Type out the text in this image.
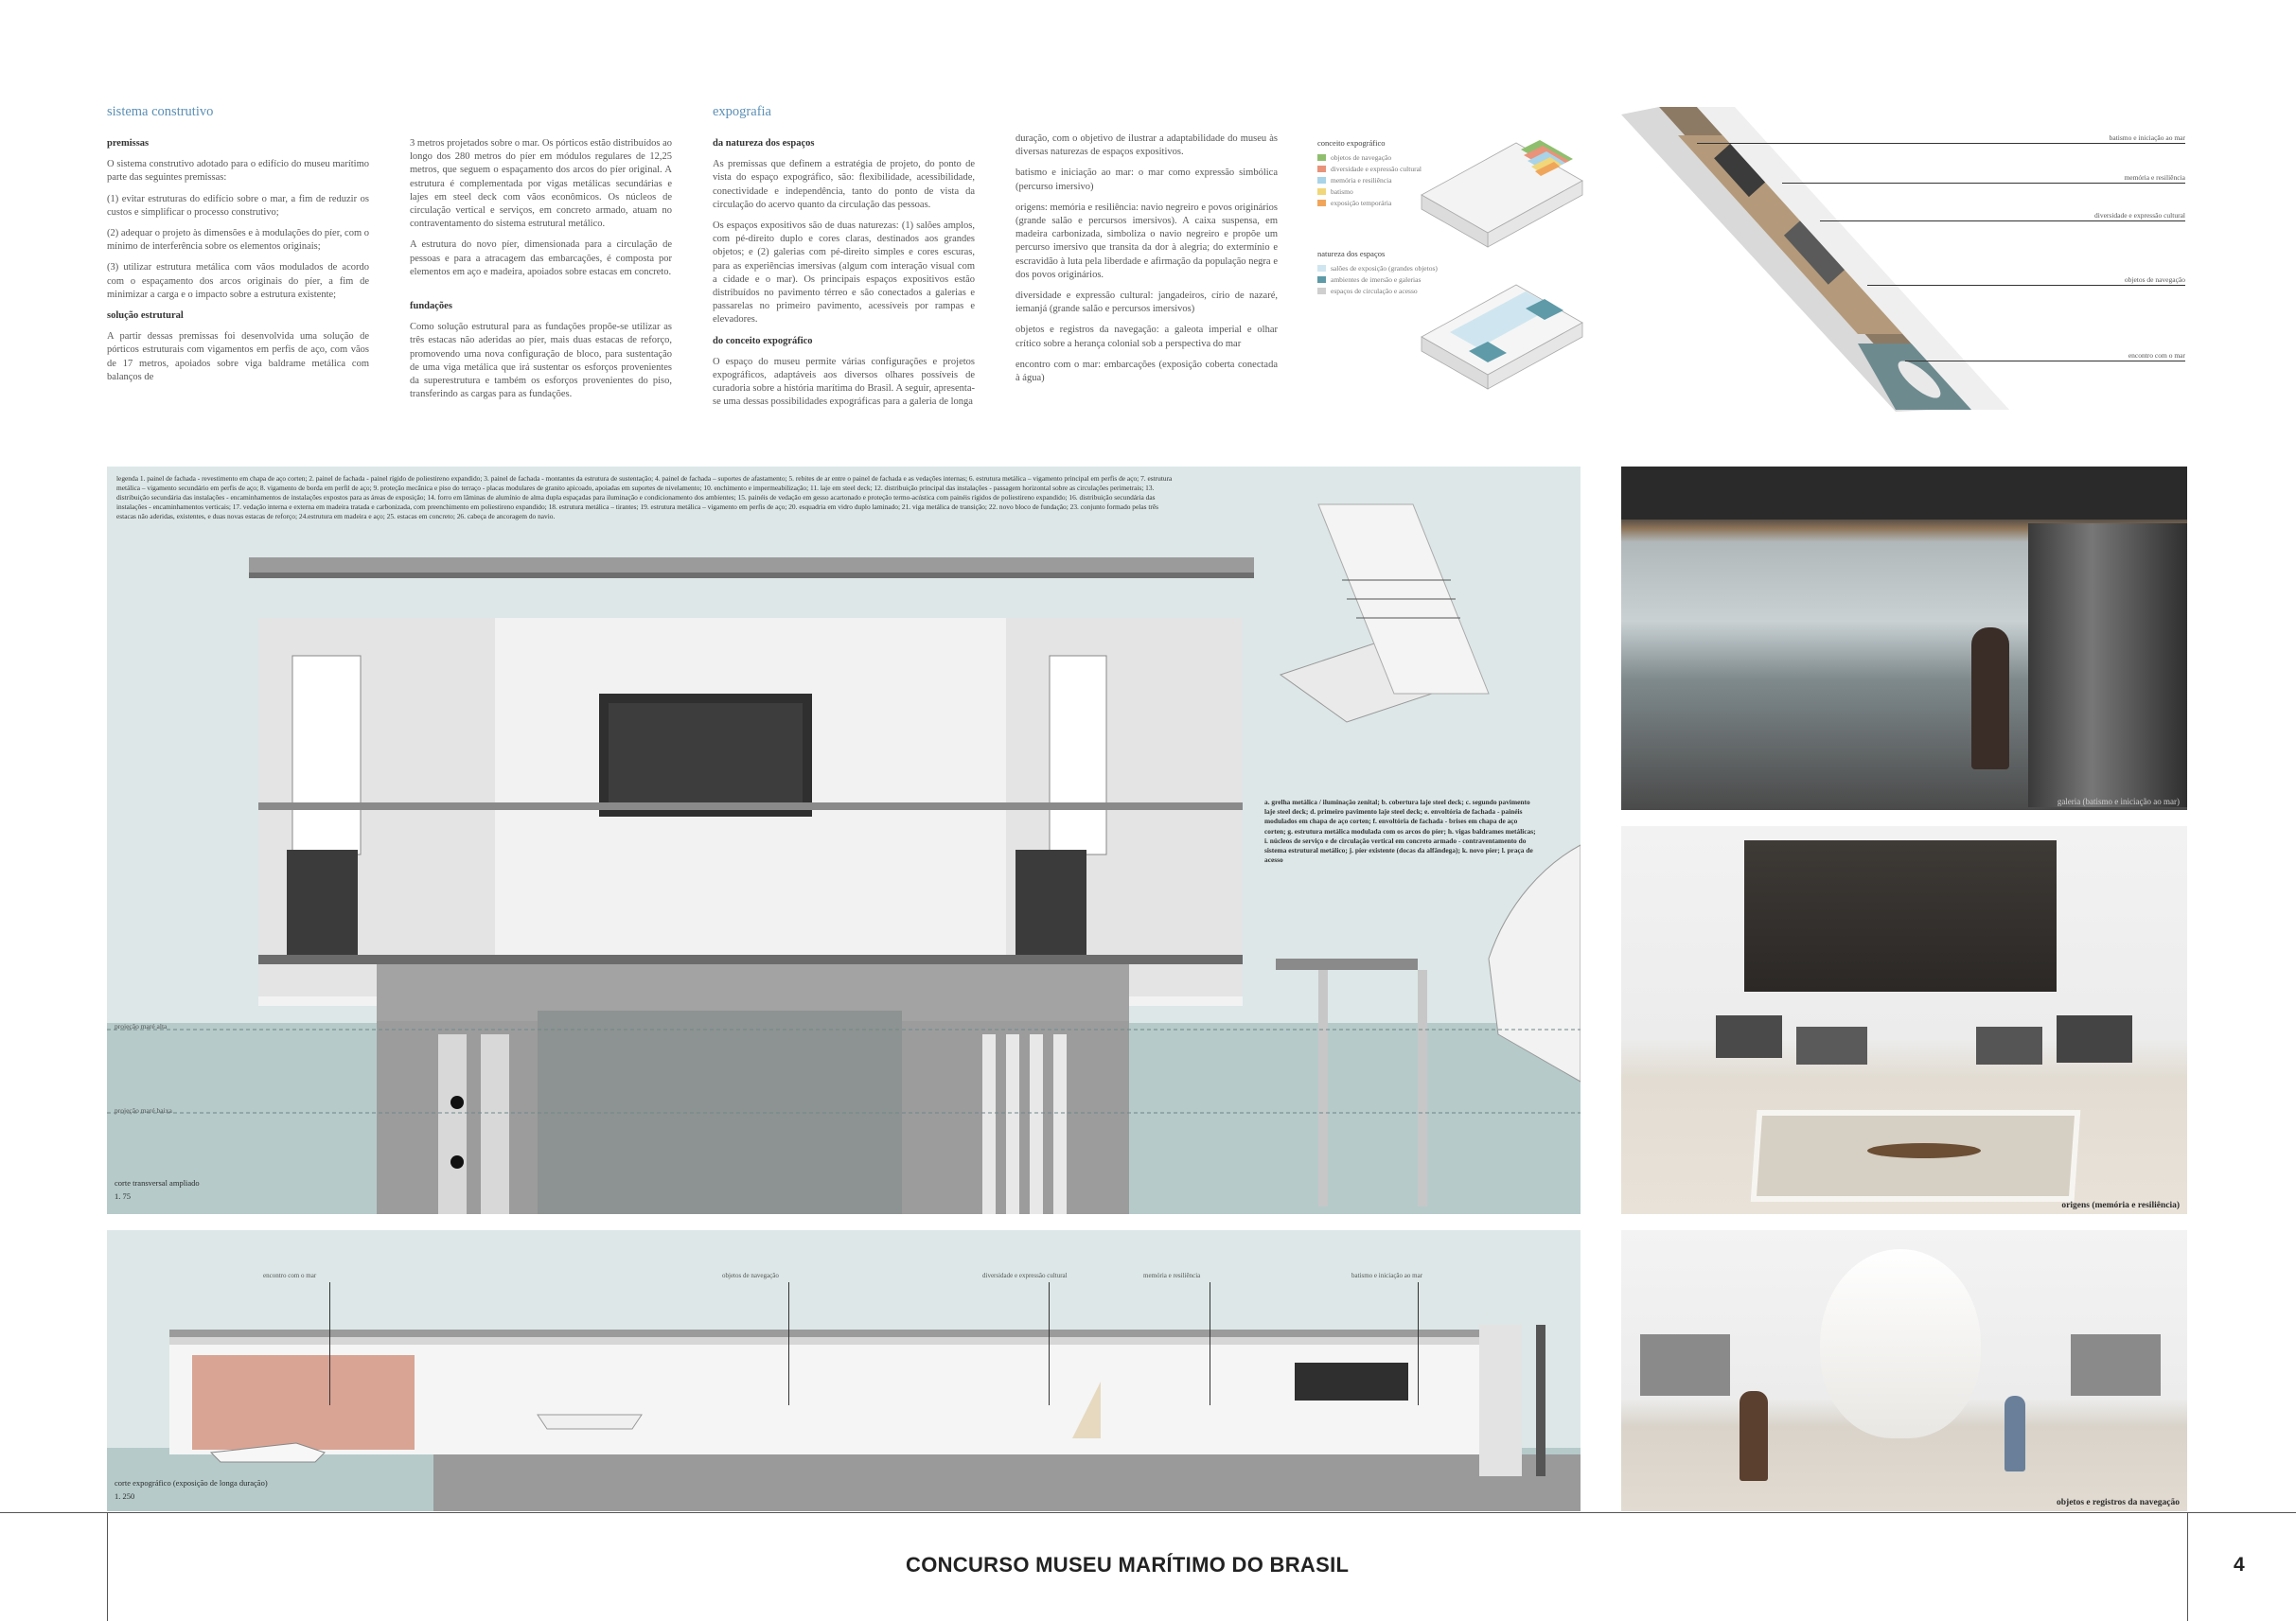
sistema construtivo

premissas

O sistema construtivo adotado para o edifício do museu marítimo parte das seguintes premissas:

(1) evitar estruturas do edifício sobre o mar, a fim de reduzir os custos e simplificar o processo construtivo;

(2) adequar o projeto às dimensões e à modulações do píer, com o mínimo de interferência sobre os elementos originais;

(3) utilizar estrutura metálica com vãos modulados de acordo com o espaçamento dos arcos originais do píer, a fim de minimizar a carga e o impacto sobre a estrutura existente;

solução estrutural

A partir dessas premissas foi desenvolvida uma solução de pórticos estruturais com vigamentos em perfis de aço, com vãos de 17 metros, apoiados sobre viga baldrame metálica com balanços de

3 metros projetados sobre o mar. Os pórticos estão distribuídos ao longo dos 280 metros do píer em módulos regulares de 12,25 metros, que seguem o espaçamento dos arcos do píer original. A estrutura é complementada por vigas metálicas secundárias e lajes em steel deck com vãos econômicos. Os núcleos de circulação vertical e serviços, em concreto armado, atuam no contraventamento do sistema estrutural metálico.

A estrutura do novo píer, dimensionada para a circulação de pessoas e para a atracagem das embarcações, é composta por elementos em aço e madeira, apoiados sobre estacas em concreto.

fundações

Como solução estrutural para as fundações propõe-se utilizar as três estacas não aderidas ao píer, mais duas estacas de reforço, promovendo uma nova configuração de bloco, para sustentação de uma viga metálica que irá sustentar os esforços provenientes da superestrutura e também os esforços provenientes do piso, transferindo as cargas para as fundações.

expografia

da natureza dos espaços

As premissas que definem a estratégia de projeto, do ponto de vista do espaço expográfico, são: flexibilidade, acessibilidade, conectividade e independência, tanto do ponto de vista da circulação do acervo quanto da circulação das pessoas.

Os espaços expositivos são de duas naturezas: (1) salões amplos, com pé-direito duplo e cores claras, destinados aos grandes objetos; e (2) galerias com pé-direito simples e cores escuras, para as experiências imersivas (algum com interação visual com a cidade e o mar). Os principais espaços expositivos estão distribuídos no pavimento térreo e são conectados a galerias e passarelas no primeiro pavimento, acessíveis por rampas e elevadores.

do conceito expográfico

O espaço do museu permite várias configurações e projetos expográficos, adaptáveis aos diversos olhares possíveis de curadoria sobre a história marítima do Brasil. A seguir, apresenta-se uma dessas possibilidades expográficas para a galeria de longa

duração, com o objetivo de ilustrar a adaptabilidade do museu às diversas naturezas de espaços expositivos.

batismo e iniciação ao mar: o mar como expressão simbólica (percurso imersivo)

origens: memória e resiliência: navio negreiro e povos originários (grande salão e percursos imersivos). A caixa suspensa, em madeira carbonizada, simboliza o navio negreiro e propõe um percurso imersivo que transita da dor à alegria; do extermínio e escravidão à luta pela liberdade e afirmação da população negra e dos povos originários.

diversidade e expressão cultural: jangadeiros, círio de nazaré, iemanjá (grande salão e percursos imersivos)

objetos e registros da navegação: a galeota imperial e olhar crítico sobre a herança colonial sob a perspectiva do mar

encontro com o mar: embarcações (exposição coberta conectada à água)

conceito expográfico
objetos de navegação
diversidade e expressão cultural
memória e resiliência
batismo
exposição temporária
natureza dos espaços
salões de exposição (grandes objetos)
ambientes de imersão e galerias
espaços de circulação e acesso
batismo e iniciação ao mar
memória e resiliência
diversidade e expressão cultural
objetos de navegação
encontro com o mar
legenda 1. painel de fachada - revestimento em chapa de aço corten; 2. painel de fachada - painel rígido de poliestireno expandido; 3. painel de fachada - montantes da estrutura de sustentação; 4. painel de fachada – suportes de afastamento; 5. rebites de ar entre o painel de fachada e as vedações internas; 6. estrutura metálica – vigamento principal em perfis de aço; 7. estrutura metálica – vigamento secundário em perfis de aço; 8. vigamento de borda em perfil de aço; 9. proteção mecânica e piso do terraço - placas modulares de granito apicoado, apoiadas em suportes de nivelamento; 10. enchimento e impermeabilização; 11. laje em steel deck; 12. distribuição principal das instalações - passagem horizontal sobre as circulações perimetrais; 13. distribuição secundária das instalações - encaminhamentos de instalações expostos para as áreas de exposição; 14. forro em lâminas de alumínio de alma dupla espaçadas para iluminação e condicionamento dos ambientes; 15. painéis de vedação em gesso acartonado e proteção termo-acústica com painéis rígidos de poliestireno expandido; 16. distribuição secundária das instalações - encaminhamentos verticais; 17. vedação interna e externa em madeira tratada e carbonizada, com preenchimento em poliestireno expandido; 18. estrutura metálica – tirantes; 19. estrutura metálica – vigamento em perfis de aço; 20. esquadria em vidro duplo laminado; 21. viga metálica de transição; 22. novo bloco de fundação; 23. conjunto formado pelas três estacas não aderidas, existentes, e duas novas estacas de reforço; 24.estrutura em madeira e aço; 25. estacas em concreto; 26. cabeça de ancoragem do navio.
a. grelha metálica / iluminação zenital; b. cobertura laje steel deck; c. segundo pavimento laje steel deck; d. primeiro pavimento laje steel deck; e. envoltória de fachada - painéis modulados em chapa de aço corten; f. envoltória de fachada - brises em chapa de aço corten; g. estrutura metálica modulada com os arcos do píer; h. vigas baldrames metálicas; i. núcleos de serviço e de circulação vertical em concreto armado - contraventamento do sistema estrutural metálico; j. píer existente (docas da alfândega); k. novo píer; l. praça de acesso
projeção maré alta
projeção maré baixa
corte transversal ampliado
1. 75
encontro com o mar	objetos de navegação	diversidade e expressão cultural	memória e resiliência	batismo e iniciação ao mar
corte expográfico (exposição de longa duração)
1. 250
galeria (batismo e iniciação ao mar)
origens (memória e resiliência)
objetos e registros da navegação
CONCURSO MUSEU MARÍTIMO DO BRASIL	4
